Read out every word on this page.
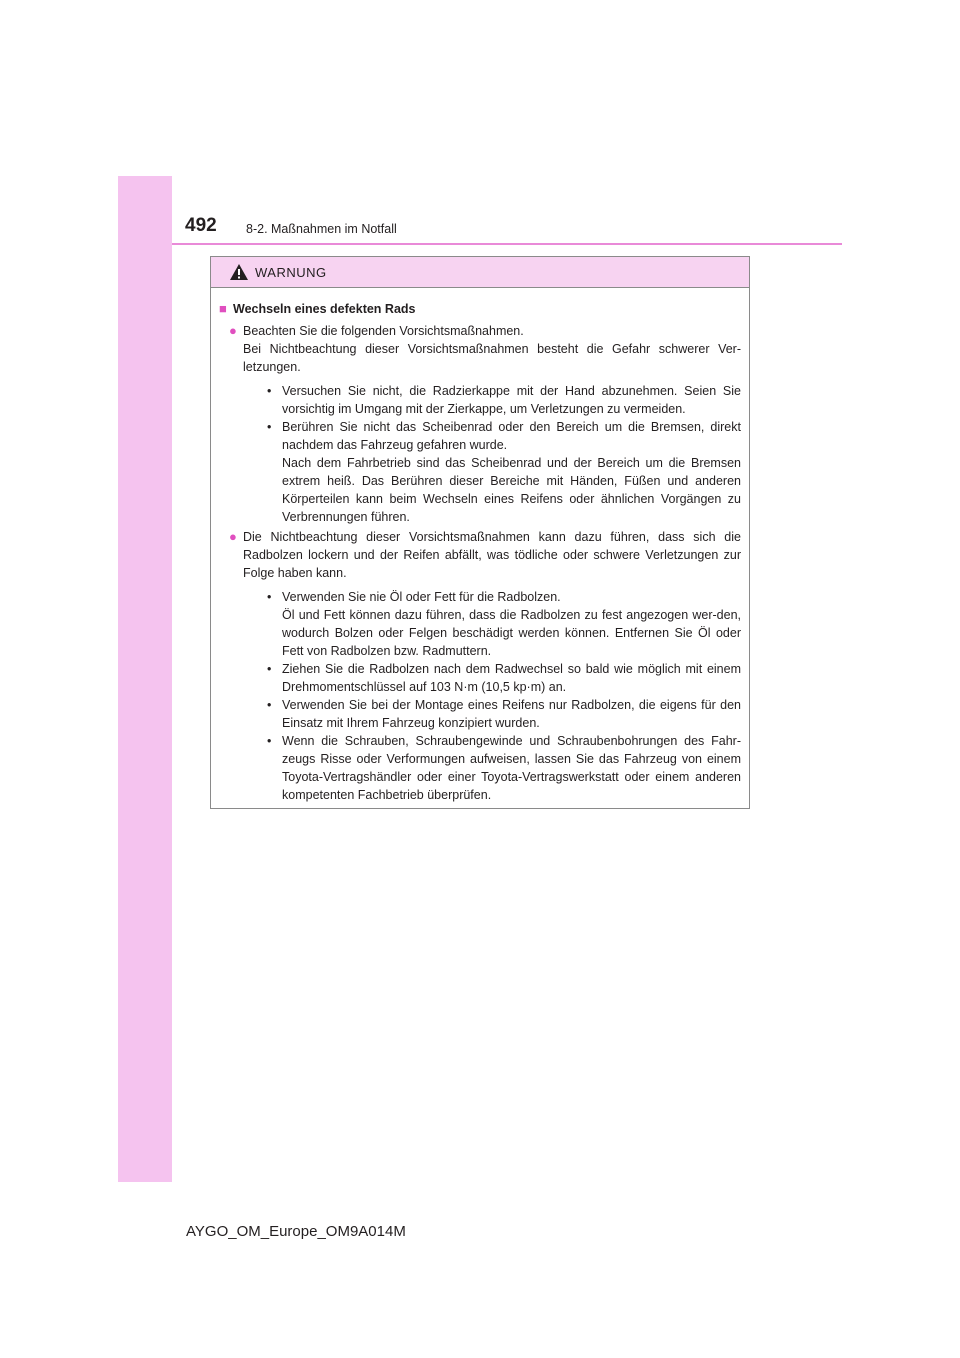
492 8-2. Maßnahmen im Notfall
WARNUNG
■ Wechseln eines defekten Rads
● Beachten Sie die folgenden Vorsichtsmaßnahmen.
Bei Nichtbeachtung dieser Vorsichtsmaßnahmen besteht die Gefahr schwerer Ver-letzungen.
• Versuchen Sie nicht, die Radzierkappe mit der Hand abzunehmen. Seien Sie vorsichtig im Umgang mit der Zierkappe, um Verletzungen zu vermeiden.
• Berühren Sie nicht das Scheibenrad oder den Bereich um die Bremsen, direkt nachdem das Fahrzeug gefahren wurde.
Nach dem Fahrbetrieb sind das Scheibenrad und der Bereich um die Bremsen extrem heiß. Das Berühren dieser Bereiche mit Händen, Füßen und anderen Körperteilen kann beim Wechseln eines Reifens oder ähnlichen Vorgängen zu Verbrennungen führen.
● Die Nichtbeachtung dieser Vorsichtsmaßnahmen kann dazu führen, dass sich die Radbolzen lockern und der Reifen abfällt, was tödliche oder schwere Verletzungen zur Folge haben kann.
• Verwenden Sie nie Öl oder Fett für die Radbolzen.
Öl und Fett können dazu führen, dass die Radbolzen zu fest angezogen wer-den, wodurch Bolzen oder Felgen beschädigt werden können. Entfernen Sie Öl oder Fett von Radbolzen bzw. Radmuttern.
• Ziehen Sie die Radbolzen nach dem Radwechsel so bald wie möglich mit einem Drehmomentschlüssel auf 103 N·m (10,5 kp·m) an.
• Verwenden Sie bei der Montage eines Reifens nur Radbolzen, die eigens für den Einsatz mit Ihrem Fahrzeug konzipiert wurden.
• Wenn die Schrauben, Schraubengewinde und Schraubenbohrungen des Fahr-zeugs Risse oder Verformungen aufweisen, lassen Sie das Fahrzeug von einem Toyota-Vertragshändler oder einer Toyota-Vertragswerkstatt oder einem anderen kompetenten Fachbetrieb überprüfen.
AYGO_OM_Europe_OM9A014M
